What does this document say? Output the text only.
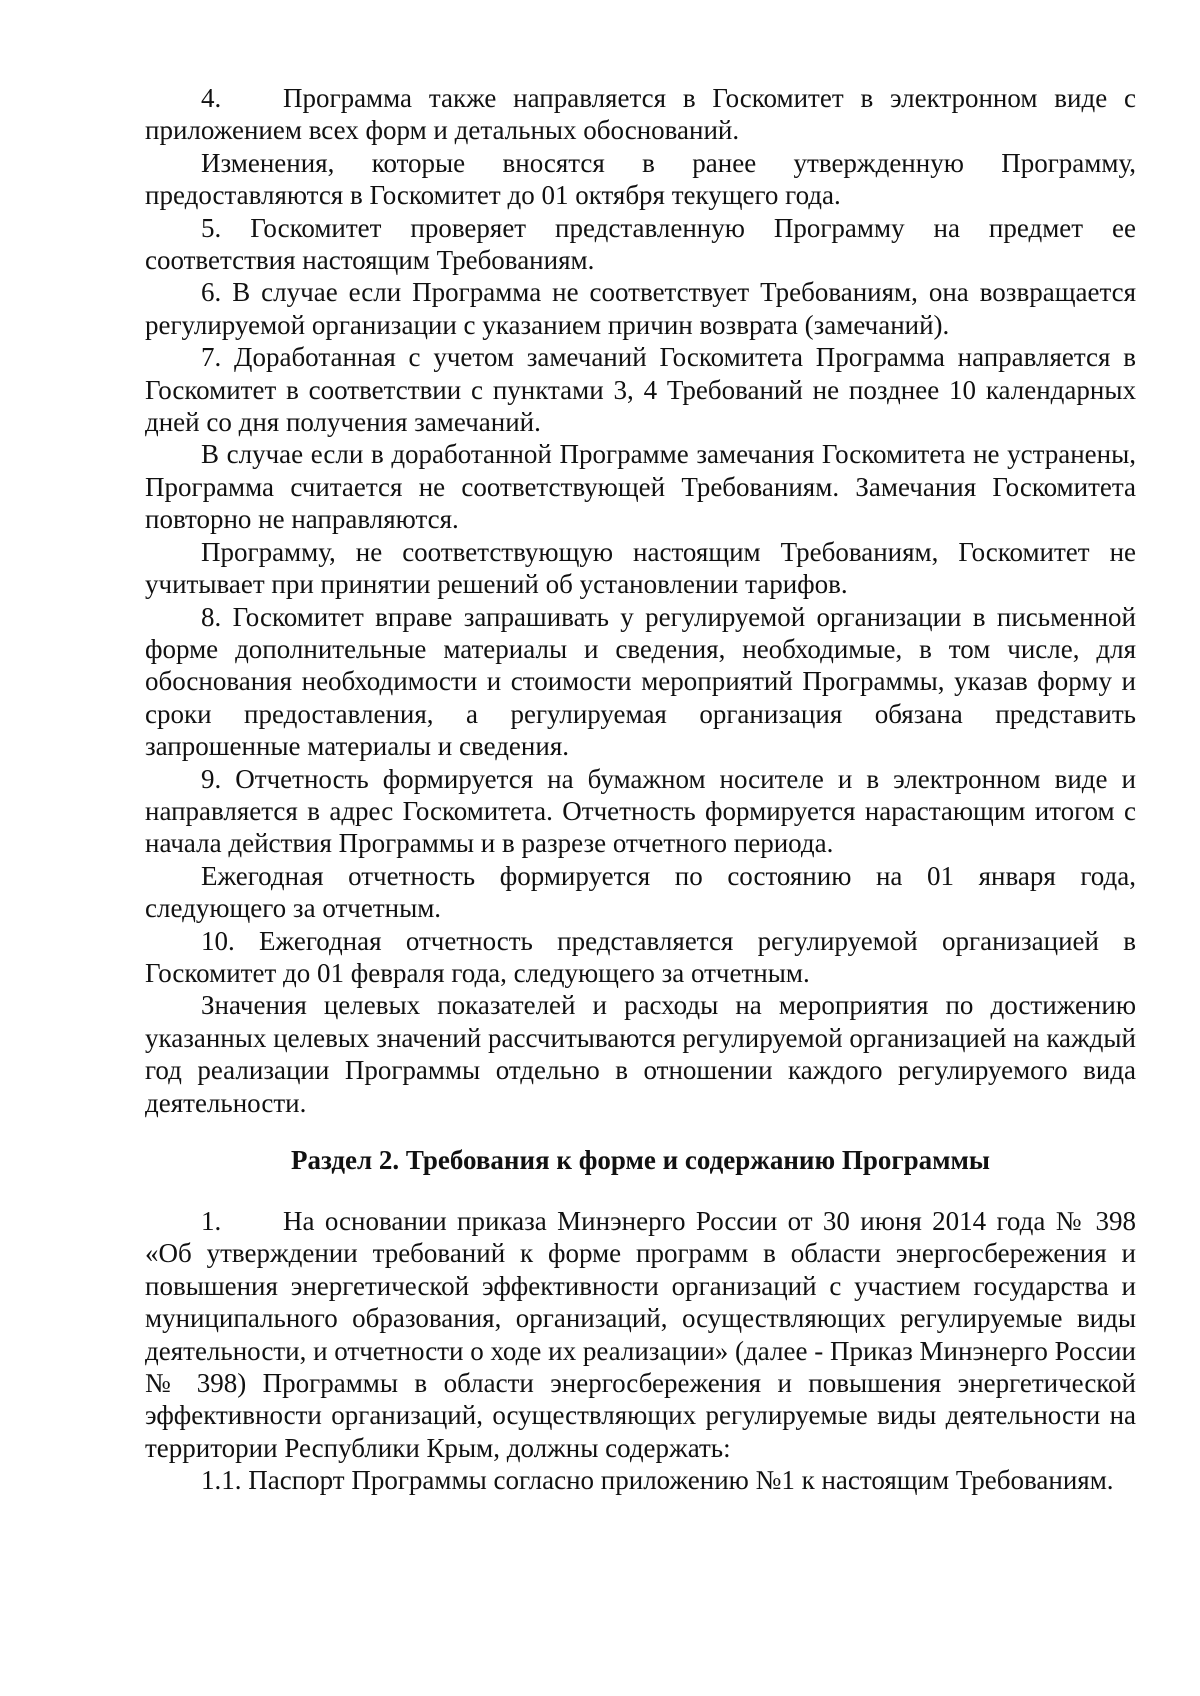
4. Программа также направляется в Госкомитет в электронном виде с приложением всех форм и детальных обоснований.

Изменения, которые вносятся в ранее утвержденную Программу, предоставляются в Госкомитет до 01 октября текущего года.

5. Госкомитет проверяет представленную Программу на предмет ее соответствия настоящим Требованиям.

6. В случае если Программа не соответствует Требованиям, она возвращается регулируемой организации с указанием причин возврата (замечаний).

7. Доработанная с учетом замечаний Госкомитета Программа направляется в Госкомитет в соответствии с пунктами 3, 4 Требований не позднее 10 календарных дней со дня получения замечаний.

В случае если в доработанной Программе замечания Госкомитета не устранены, Программа считается не соответствующей Требованиям. Замечания Госкомитета повторно не направляются.

Программу, не соответствующую настоящим Требованиям, Госкомитет не учитывает при принятии решений об установлении тарифов.

8. Госкомитет вправе запрашивать у регулируемой организации в письменной форме дополнительные материалы и сведения, необходимые, в том числе, для обоснования необходимости и стоимости мероприятий Программы, указав форму и сроки предоставления, а регулируемая организация обязана представить запрошенные материалы и сведения.

9. Отчетность формируется на бумажном носителе и в электронном виде и направляется в адрес Госкомитета. Отчетность формируется нарастающим итогом с начала действия Программы и в разрезе отчетного периода.

Ежегодная отчетность формируется по состоянию на 01 января года, следующего за отчетным.

10. Ежегодная отчетность представляется регулируемой организацией в Госкомитет до 01 февраля года, следующего за отчетным.

Значения целевых показателей и расходы на мероприятия по достижению указанных целевых значений рассчитываются регулируемой организацией на каждый год реализации Программы отдельно в отношении каждого регулируемого вида деятельности.

Раздел 2. Требования к форме и содержанию Программы

1. На основании приказа Минэнерго России от 30 июня 2014 года № 398 «Об утверждении требований к форме программ в области энергосбережения и повышения энергетической эффективности организаций с участием государства и муниципального образования, организаций, осуществляющих регулируемые виды деятельности, и отчетности о ходе их реализации» (далее - Приказ Минэнерго России № 398) Программы в области энергосбережения и повышения энергетической эффективности организаций, осуществляющих регулируемые виды деятельности на территории Республики Крым, должны содержать:

1.1. Паспорт Программы согласно приложению №1 к настоящим Требованиям.
